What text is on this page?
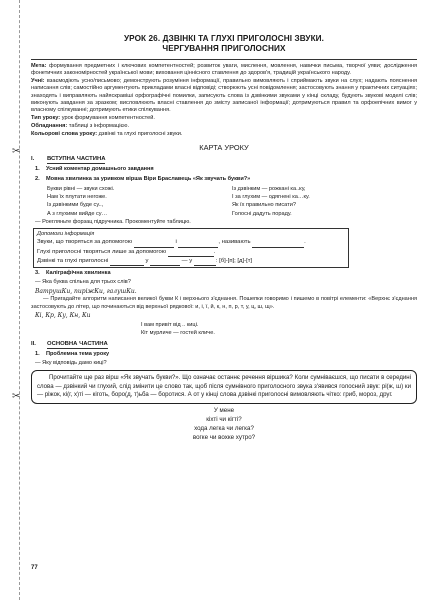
✂
✂
УРОК 26. ДЗВІНКІ ТА ГЛУХІ ПРИГОЛОСНІ ЗВУКИ.
ЧЕРГУВАННЯ ПРИГОЛОСНИХ

Мета: формування предметних і ключових компетентностей; розвиток уваги, мислення, мовлення, навички письма, творчої уяви; дослідження фонетичних закономірностей української мови; виховання ціннісного ставлення до здоров'я, традицій українського народу.

Учні: взаємодіють усно/письмово; демонструють розуміння інформації, правильно вимовляють і сприймають звуки на слух; надають пояснення написання слів; самостійно аргументують прикладами власні відповіді; створюють усні повідомлення; застосовують знання у практичних ситуаціях; знаходять і виправляють найяскравіші орфографічні помилки, записують слова із дзвінкими звуками у кінці складу, будують звукові моделі слів; виконують завдання за зразком; висловлюють власні ставлення до змісту записаної інформації; дотримуються правил та орфоепічних вимог у власному спілкуванні; дотримують етики спілкування.

Тип уроку: урок формування компетентностей.

Обладнання: таблиці з інформацією.

Кольорові слова уроку: дзвінкі та глухі приголосні звуки.

КАРТА УРОКУ
I. ВСТУПНА ЧАСТИНА
1. Усний коментар домашнього завдання
2. Мовна хвилинка за уривком вірша Віри Браславець «Як звучать букви?»
Букви рівні — звуки схожі.
Нам їх плутати негоже.
Із дзвінкими буде су..,
А з глухими вийде су…
Із дзвінким — рожкані ка..ку,
І за глухим — одягнені ка…ку.
Як їх правильно писати?
Голосні дадуть пораду.
— Роегляньте форзац підручника. Прокоментуйте таблицю.
Допомоги інформація
Звуки, що творяться за допомогою	і	, називають	.
Глухі приголосні творяться лише за допомогою	.
Дзвінкі та глухі приголосні	у	— у	: [б]-[п]; [д]-[т]
3. Каліграфічна хвилинка
— Яка буква спільна для трьох слів?
ВатрушКи, пиріжКи, галушКи.
— Пригадайте алгоритм написання великої букви К і верхнього з'єднання. Пошепки говоримо і пишемо в повітрі елементи: «Верхнє з'єднання застосовують до літер, що починаються від верхньої рядкової: и, і, ї, й, к, н, п, р, т, у, ц, ш, щ».
Кі, Кр, Ку, Кн, Ки
І вам привіт від .. киці.
Кіт мурличе — гостей кличе.
II. ОСНОВНА ЧАСТИНА
1. Проблемна тема уроку
— Яку відповідь дамо киці?
Прочитайте ще раз вірш «Як звучать букви?». Що означає останнє речення віршика? Коли сумніваєшся, що писати в середині слова — дзвінкий чи глухий, слід змінити це слово так, щоб після сумнівного приголосного звука з'явився голосний звук: рі(ж, ш) ки — ріжок, кі(г, х)ті — кіготь, боро(д, т)ьба — боротися. А от у кінці слова дзвінкі приголосні вимовляють чітко: гриб, мороз, друг.
У мене
кіхті чи кігті?
хода легка чи легка?
вогке чи вохке хутро?
77
